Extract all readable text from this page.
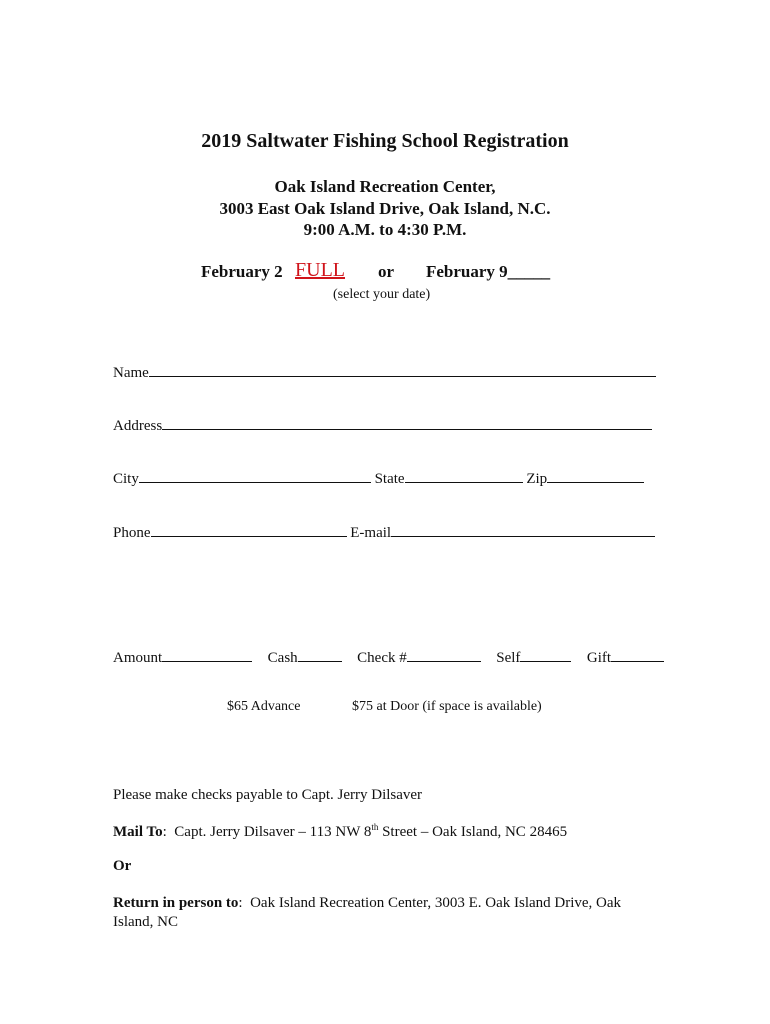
2019 Saltwater Fishing School Registration
Oak Island Recreation Center,
3003 East Oak Island Drive, Oak Island, N.C.
9:00 A.M. to 4:30 P.M.
February 2 FULL or February 9_____
(select your date)
Name
Address
City	State	Zip
Phone	E-mail
Amount	Cash	Check #	Self	Gift
$65 Advance	$75 at Door (if space is available)
Please make checks payable to Capt. Jerry Dilsaver
Mail To:  Capt. Jerry Dilsaver – 113 NW 8th Street – Oak Island, NC 28465
Or
Return in person to:  Oak Island Recreation Center, 3003 E. Oak Island Drive, Oak Island, NC
